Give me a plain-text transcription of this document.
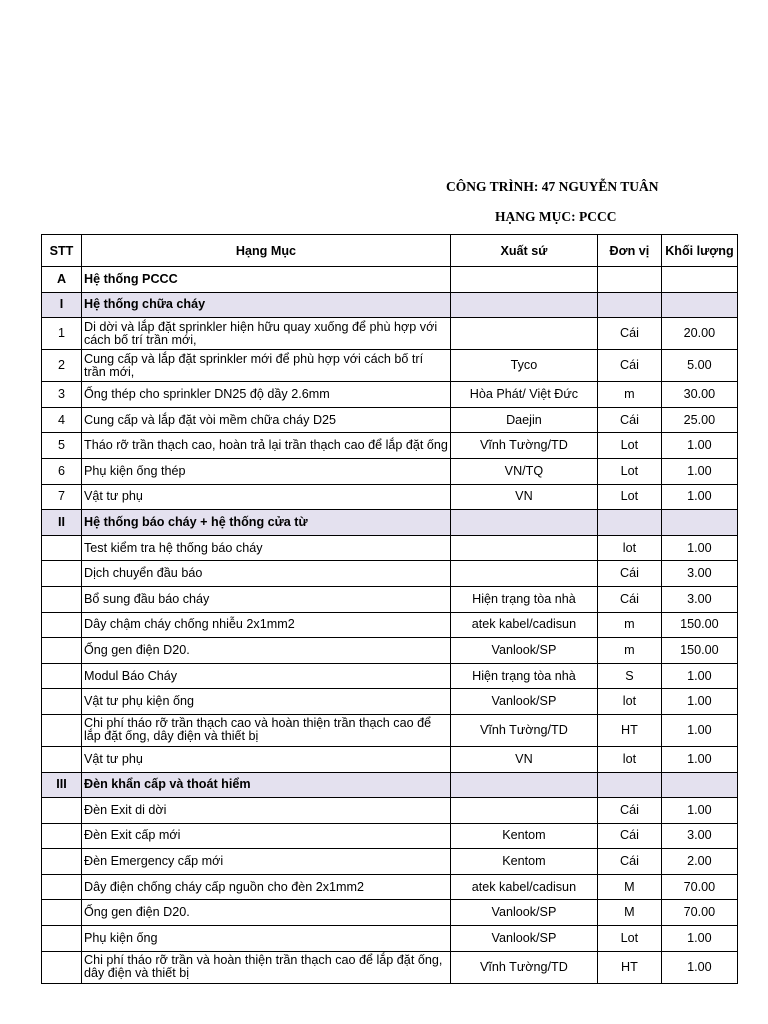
CÔNG TRÌNH: 47 NGUYỄN TUÂN
HẠNG MỤC: PCCC
STT	Hạng Mục	Xuất sứ	Đơn vị	Khối lượng
A	Hệ thống PCCC			
I	Hệ thống chữa cháy			
1	Di dời và lắp đặt sprinkler hiện hữu quay xuống để phù hợp với cách bố trí trần mới,		Cái	20.00
2	Cung cấp và lắp đặt sprinkler mới để phù hợp với cách bố trí trần mới,	Tyco	Cái	5.00
3	Ống thép cho sprinkler DN25 độ dầy 2.6mm	Hòa Phát/ Việt Đức	m	30.00
4	Cung cấp và lắp đặt vòi mềm chữa cháy D25	Daejin	Cái	25.00
5	Tháo rỡ trần thạch cao, hoàn trả lại trần thạch cao để lắp đặt ống	Vĩnh Tường/TD	Lot	1.00
6	Phụ kiện ống thép	VN/TQ	Lot	1.00
7	Vật tư phụ	VN	Lot	1.00
II	Hệ thống báo cháy + hệ thống cửa từ			
	Test kiểm tra hệ thống báo cháy		lot	1.00
	Dịch chuyển đầu báo		Cái	3.00
	Bổ sung đầu báo cháy	Hiện trạng tòa nhà	Cái	3.00
	Dây chậm cháy chống nhiễu 2x1mm2	atek kabel/cadisun	m	150.00
	Ống gen điện D20.	Vanlook/SP	m	150.00
	Modul Báo Cháy	Hiện trạng tòa nhà	S	1.00
	Vật tư phụ kiện ống	Vanlook/SP	lot	1.00
	Chi phí tháo rỡ trần thạch cao và hoàn thiện trần thạch cao để lắp đặt ống, dây điện và thiết bị	Vĩnh Tường/TD	HT	1.00
	Vật tư phụ	VN	lot	1.00
III	Đèn khẩn cấp và thoát hiểm			
	Đèn Exit di dời		Cái	1.00
	Đèn Exit cấp mới	Kentom	Cái	3.00
	Đèn Emergency cấp mới	Kentom	Cái	2.00
	Dây điện chống cháy cấp nguồn cho đèn 2x1mm2	atek kabel/cadisun	M	70.00
	Ống gen điện D20.	Vanlook/SP	M	70.00
	Phụ kiện ống	Vanlook/SP	Lot	1.00
	Chi phí tháo rỡ trần và hoàn thiện trần thạch cao để lắp đặt ống, dây điện và thiết bị	Vĩnh Tường/TD	HT	1.00
